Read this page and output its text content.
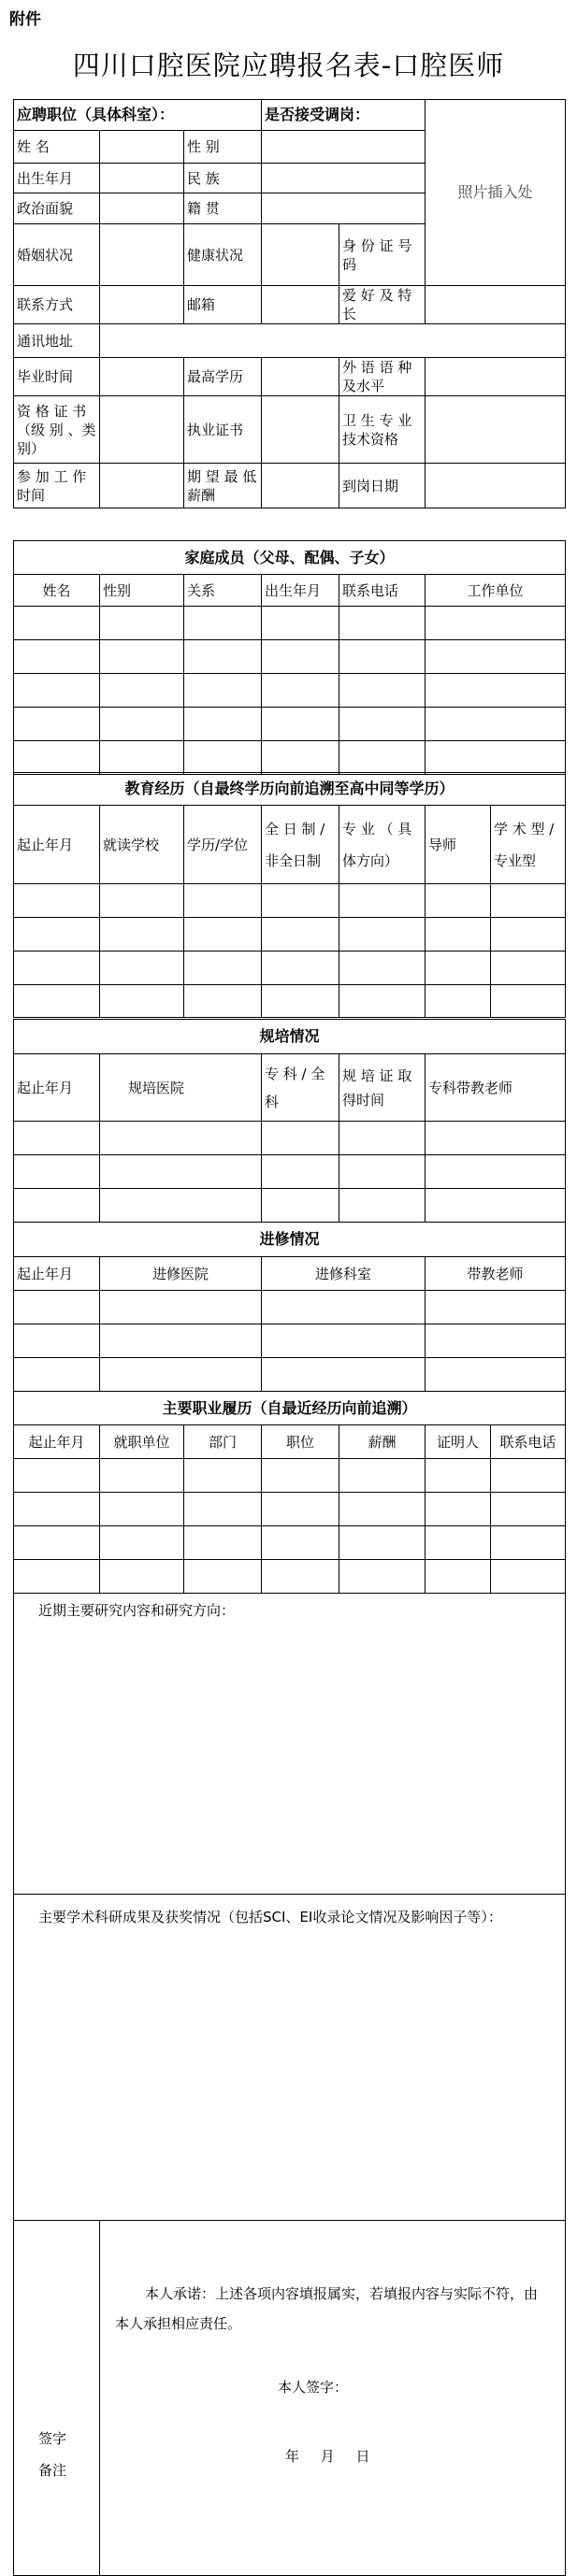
附件
四川口腔医院应聘报名表-口腔医师
应聘职位（具体科室）：			是否接受调岗：		照片插入处
姓 名		性 别			
出生年月		民 族			
政治面貌		籍 贯			
婚姻状况		健康状况		身 份 证 号 码	
联系方式		邮箱		爱 好 及 特 长	
通讯地址					
毕业时间		最高学历		外 语 语 种 及水平	
资 格 证 书（级 别 、类别）		执业证书		卫 生 专 业技术资格	
参 加 工 作时间		期 望 最 低 薪酬		到岗日期	
家庭成员（父母、配偶、子女）					
姓名	性别	关系	出生年月	联系电话	工作单位

教育经历（自最终学历向前追溯至高中同等学历）						
起止年月	就读学校	学历/学位	全 日 制 / 非全日制	专 业 （ 具 体方向）	导师	学 术 型 / 专业型

规培情况				
起止年月	规培医院	专 科 / 全 科	规 培 证 取 得时间	专科带教老师

进修情况			
起止年月	进修医院	进修科室	带教老师

主要职业履历（自最近经历向前追溯）						
起止年月	就职单位	部门	职位	薪酬	证明人	联系电话

近期主要研究内容和研究方向：
主要学术科研成果及获奖情况（包括SCI、EI收录论文情况及影响因子等）：
签字备注	
本人承诺：上述各项内容填报属实，若填报内容与实际不符，由本人承担相应责任。
本人签字：
年 月 日
